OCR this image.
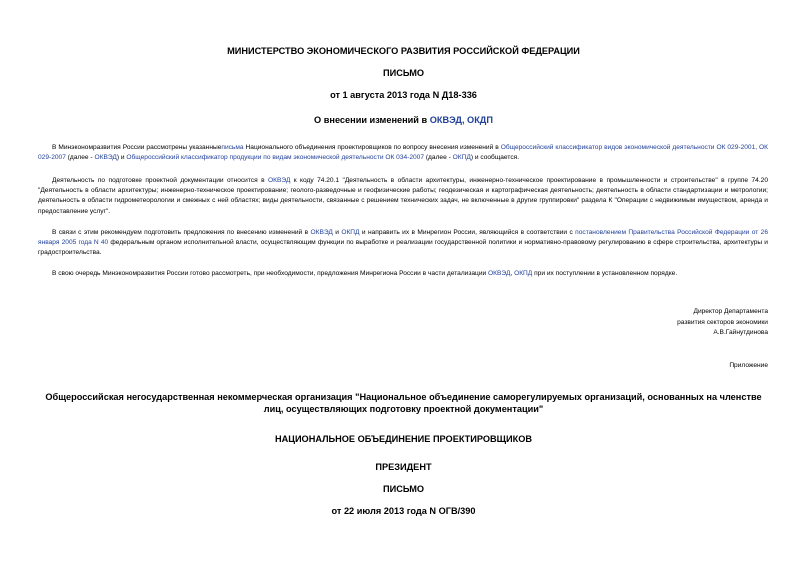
МИНИСТЕРСТВО ЭКОНОМИЧЕСКОГО РАЗВИТИЯ РОССИЙСКОЙ ФЕДЕРАЦИИ
ПИСЬМО
от 1 августа 2013 года N Д18-336
О внесении изменений в ОКВЭД, ОКДП

В Минэкономразвития России рассмотрены указанныеписьма Национального объединения проектировщиков по вопросу внесения изменений в Общероссийский классификатор видов экономической деятельности ОК 029-2001, ОК 029-2007 (далее - ОКВЭД) и Общероссийский классификатор продукции по видам экономической деятельности ОК 034-2007 (далее - ОКПД) и сообщается.

Деятельность по подготовке проектной документации относится в ОКВЭД к коду 74.20.1 "Деятельность в области архитектуры, инженерно-техническое проектирование в промышленности и строительстве" в группе 74.20 "Деятельность в области архитектуры; инженерно-техническое проектирование; геолого-разведочные и геофизические работы; геодезическая и картографическая деятельность; деятельность в области стандартизации и метрологии; деятельность в области гидрометеорологии и смежных с ней областях; виды деятельности, связанные с решением технических задач, не включенные в другие группировки" раздела К "Операции с недвижимым имуществом, аренда и предоставление услуг".

В связи с этим рекомендуем подготовить предложения по внесению изменений в ОКВЭД и ОКПД и направить их в Минрегион России, являющийся в соответствии с постановлением Правительства Российской Федерации от 26 января 2005 года N 40 федеральным органом исполнительной власти, осуществляющим функции по выработке и реализации государственной политики и нормативно-правовому регулированию в сфере строительства, архитектуры и градостроительства.

В свою очередь Минэкономразвития России готово рассмотреть, при необходимости, предложения Минрегиона России в части детализации ОКВЭД, ОКПД при их поступлении в установленном порядке.

Директор Департамента
развития секторов экономики
А.В.Гайнутдинова
Приложение
Общероссийская негосударственная некоммерческая организация "Национальное объединение саморегулируемых организаций, основанных на членстве лиц, осуществляющих подготовку проектной документации"
НАЦИОНАЛЬНОЕ ОБЪЕДИНЕНИЕ ПРОЕКТИРОВЩИКОВ
ПРЕЗИДЕНТ
ПИСЬМО
от 22 июля 2013 года N ОГВ/390
